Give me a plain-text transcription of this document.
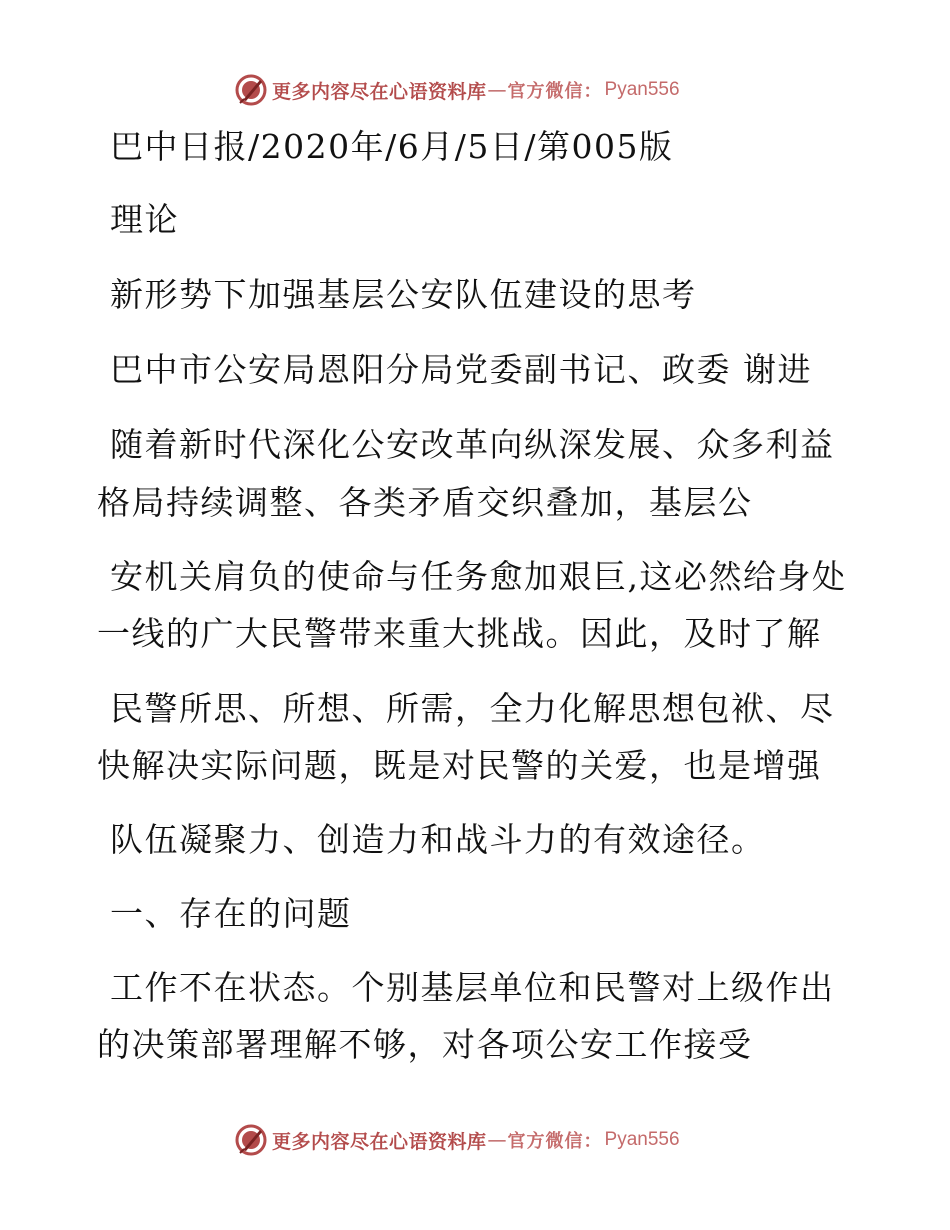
更多内容尽在心语资料库 — 官方微信： Pyan556
巴中日报/2020年/6月/5日/第005版
理论
新形势下加强基层公安队伍建设的思考
巴中市公安局恩阳分局党委副书记、政委 谢进
随着新时代深化公安改革向纵深发展、众多利益
格局持续调整、各类矛盾交织叠加，基层公
安机关肩负的使命与任务愈加艰巨,这必然给身处
一线的广大民警带来重大挑战。因此，及时了解
民警所思、所想、所需，全力化解思想包袱、尽
快解决实际问题，既是对民警的关爱，也是增强
队伍凝聚力、创造力和战斗力的有效途径。
一、存在的问题
工作不在状态。个别基层单位和民警对上级作出
的决策部署理解不够，对各项公安工作接受
更多内容尽在心语资料库 — 官方微信： Pyan556
